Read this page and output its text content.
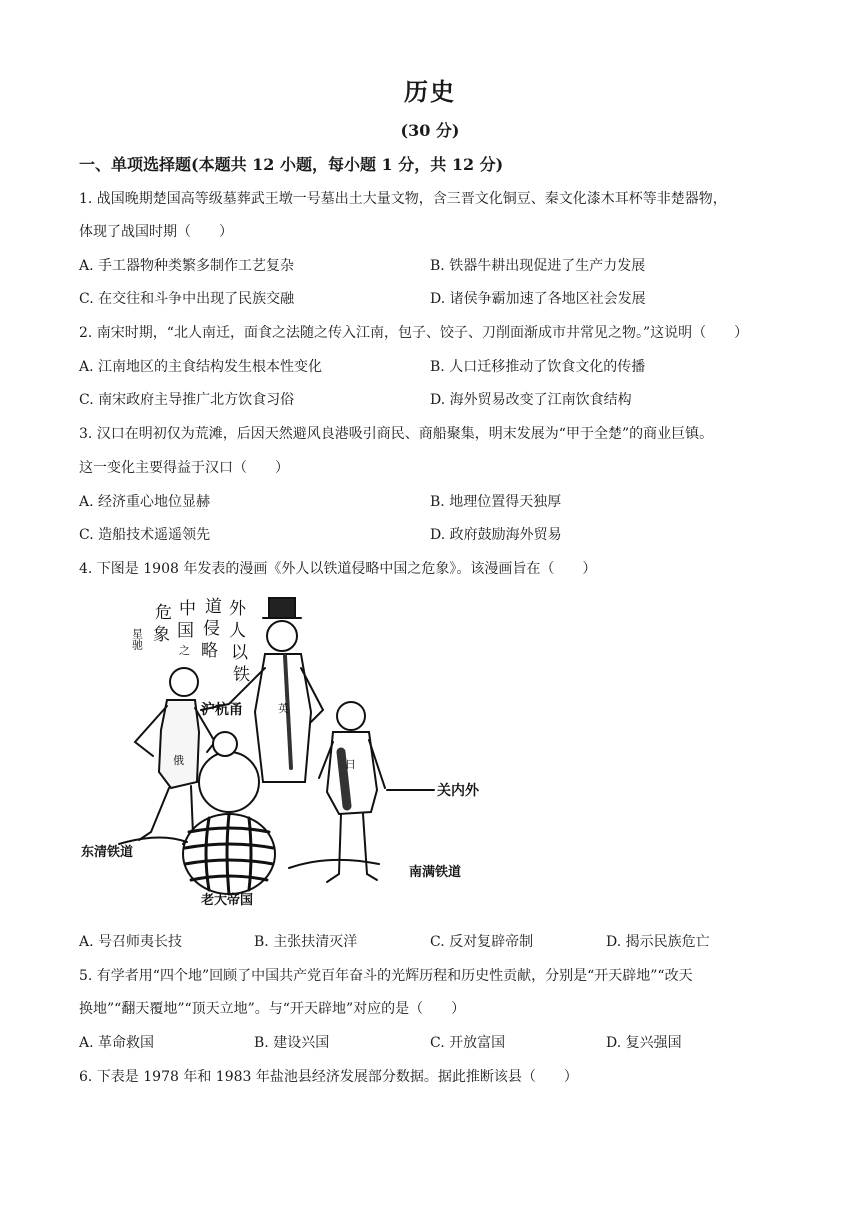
历史
(30 分)
一、单项选择题(本题共 12 小题，每小题 1 分，共 12 分)
1. 战国晚期楚国高等级墓葬武王墩一号墓出土大量文物，含三晋文化铜豆、秦文化漆木耳杯等非楚器物，
体现了战国时期（　　）
A. 手工器物种类繁多制作工艺复杂	B. 铁器牛耕出现促进了生产力发展
C. 在交往和斗争中出现了民族交融	D. 诸侯争霸加速了各地区社会发展
2. 南宋时期，“北人南迁，面食之法随之传入江南，包子、饺子、刀削面渐成市井常见之物。”这说明（　　）
A. 江南地区的主食结构发生根本性变化	B. 人口迁移推动了饮食文化的传播
C. 南宋政府主导推广北方饮食习俗	D. 海外贸易改变了江南饮食结构
3. 汉口在明初仅为荒滩，后因天然避风良港吸引商民、商船聚集，明末发展为“甲于全楚”的商业巨镇。
这一变化主要得益于汉口（　　）
A. 经济重心地位显赫	B. 地理位置得天独厚
C. 造船技术遥遥领先	D. 政府鼓励海外贸易
4. 下图是 1908 年发表的漫画《外人以铁道侵略中国之危象》。该漫画旨在（　　）
外
人
以
铁
道
侵
略
中
国
之
危
象
星驰
沪杭甬
关内外
东清铁道
南满铁道
老大帝国
英
俄	日
A. 号召师夷长技	B. 主张扶清灭洋	C. 反对复辟帝制	D. 揭示民族危亡
5. 有学者用“四个地”回顾了中国共产党百年奋斗的光辉历程和历史性贡献，分别是“开天辟地”“改天
换地”“翻天覆地”“顶天立地”。与“开天辟地”对应的是（　　）
A. 革命救国	B. 建设兴国	C. 开放富国	D. 复兴强国
6. 下表是 1978 年和 1983 年盐池县经济发展部分数据。据此推断该县（　　）
